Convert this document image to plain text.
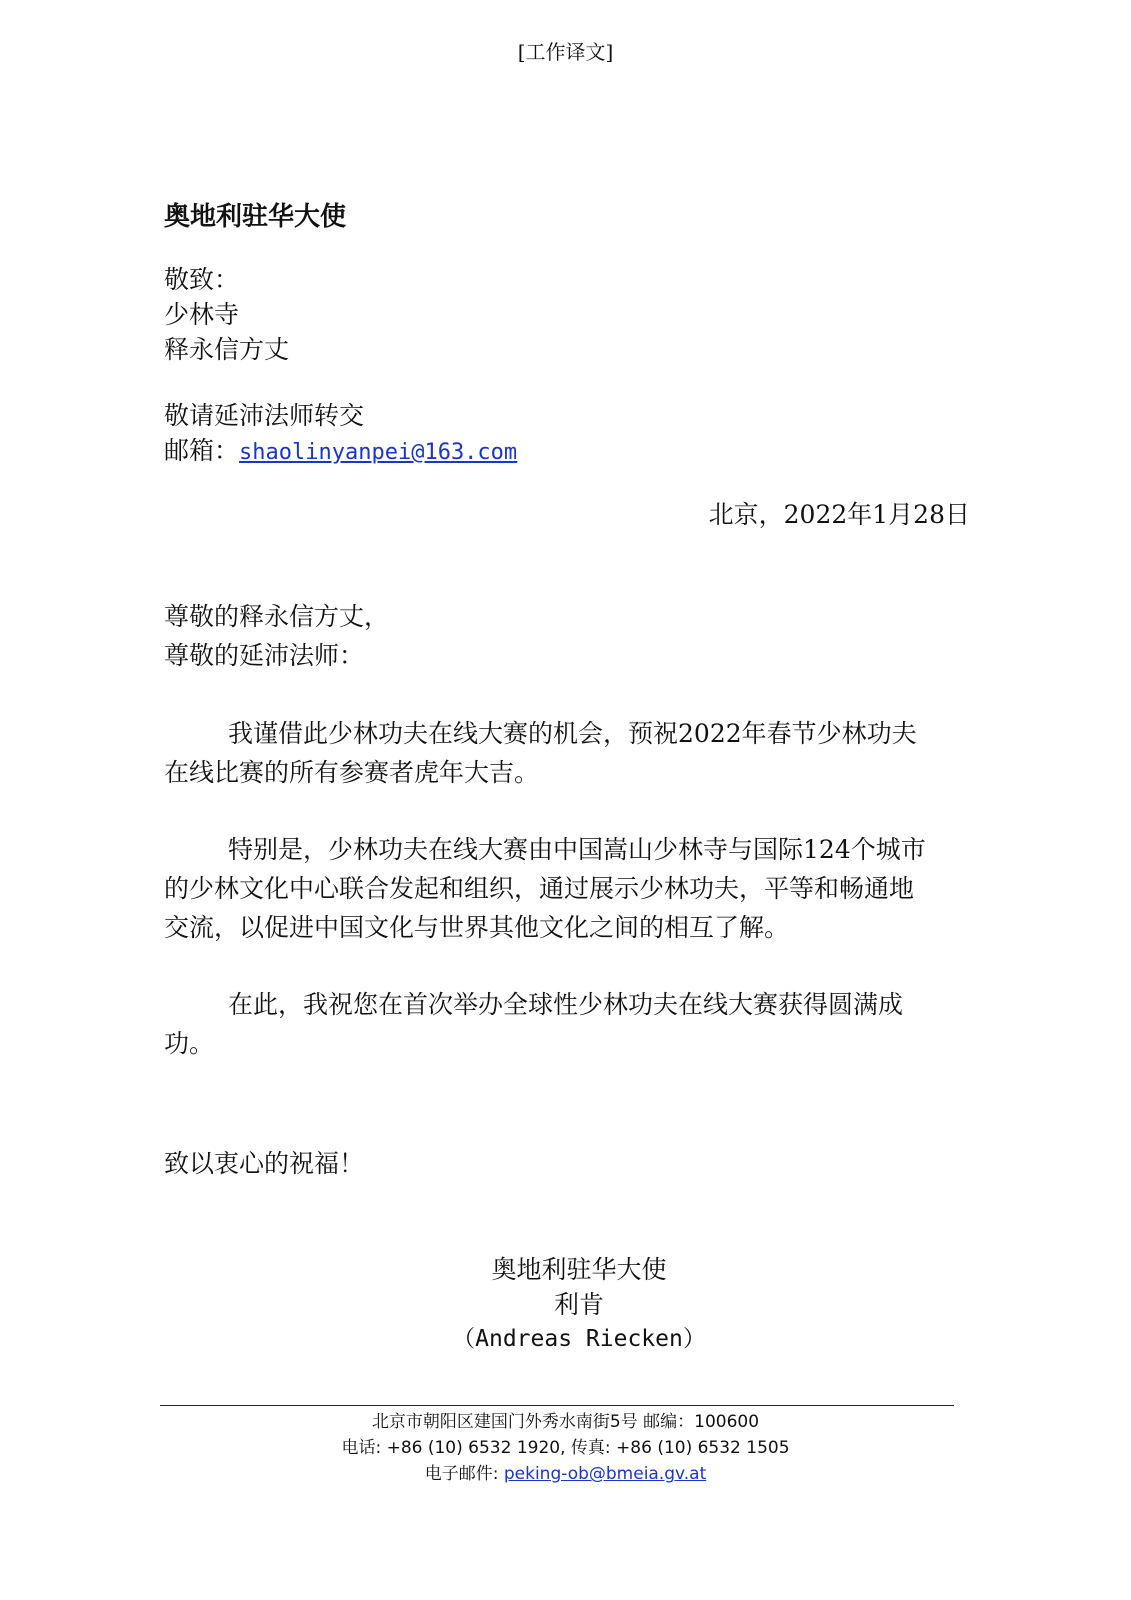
[工作译文]
奥地利驻华大使
敬致：
少林寺
释永信方丈
敬请延沛法师转交
邮箱：shaolinyanpei@163.com
北京，2022年1月28日
尊敬的释永信方丈，
尊敬的延沛法师：
我谨借此少林功夫在线大赛的机会，预祝2022年春节少林功夫
在线比赛的所有参赛者虎年大吉。
特别是，少林功夫在线大赛由中国嵩山少林寺与国际124个城市
的少林文化中心联合发起和组织，通过展示少林功夫，平等和畅通地
交流，以促进中国文化与世界其他文化之间的相互了解。
在此，我祝您在首次举办全球性少林功夫在线大赛获得圆满成
功。
致以衷心的祝福！
奥地利驻华大使
利肯
（Andreas Riecken）
北京市朝阳区建国门外秀水南街5号 邮编：100600
电话: +86 (10) 6532 1920, 传真: +86 (10) 6532 1505
电子邮件: peking-ob@bmeia.gv.at
